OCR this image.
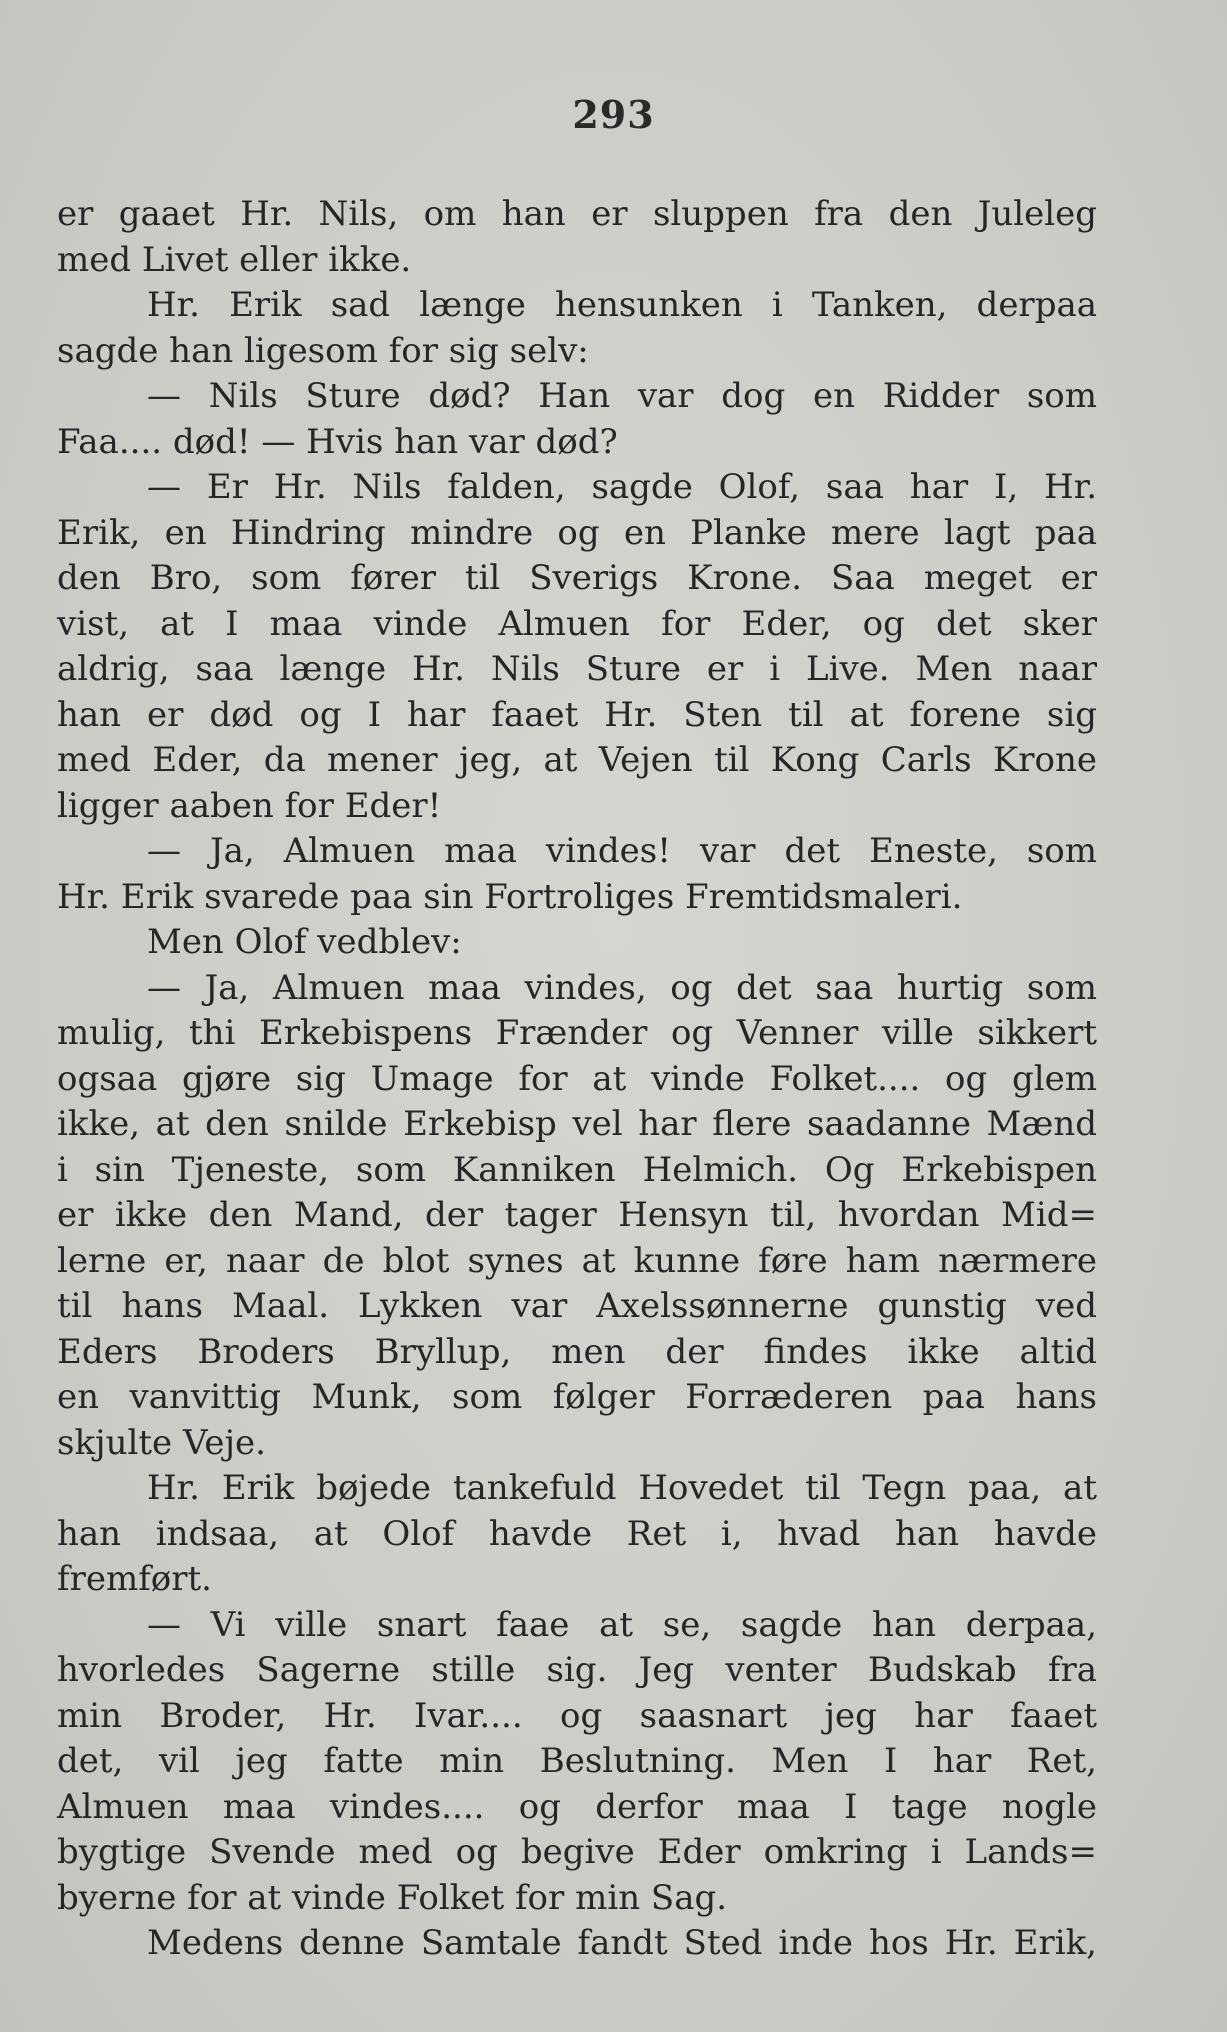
293
er gaaet Hr. Nils, om han er sluppen fra den Juleleg
med Livet eller ikke.
Hr. Erik sad længe hensunken i Tanken, derpaa
sagde han ligesom for sig selv:
— Nils Sture død? Han var dog en Ridder som
Faa.... død! — Hvis han var død?
— Er Hr. Nils falden, sagde Olof, saa har I, Hr.
Erik, en Hindring mindre og en Planke mere lagt paa
den Bro, som fører til Sverigs Krone. Saa meget er
vist, at I maa vinde Almuen for Eder, og det sker
aldrig, saa længe Hr. Nils Sture er i Live. Men naar
han er død og I har faaet Hr. Sten til at forene sig
med Eder, da mener jeg, at Vejen til Kong Carls Krone
ligger aaben for Eder!
— Ja, Almuen maa vindes! var det Eneste, som
Hr. Erik svarede paa sin Fortroliges Fremtidsmaleri.
Men Olof vedblev:
— Ja, Almuen maa vindes, og det saa hurtig som
mulig, thi Erkebispens Frænder og Venner ville sikkert
ogsaa gjøre sig Umage for at vinde Folket.... og glem
ikke, at den snilde Erkebisp vel har flere saadanne Mænd
i sin Tjeneste, som Kanniken Helmich. Og Erkebispen
er ikke den Mand, der tager Hensyn til, hvordan Mid=
lerne er, naar de blot synes at kunne føre ham nærmere
til hans Maal. Lykken var Axelssønnerne gunstig ved
Eders Broders Bryllup, men der findes ikke altid
en vanvittig Munk, som følger Forræderen paa hans
skjulte Veje.
Hr. Erik bøjede tankefuld Hovedet til Tegn paa, at
han indsaa, at Olof havde Ret i, hvad han havde
fremført.
— Vi ville snart faae at se, sagde han derpaa,
hvorledes Sagerne stille sig. Jeg venter Budskab fra
min Broder, Hr. Ivar.... og saasnart jeg har faaet
det, vil jeg fatte min Beslutning. Men I har Ret,
Almuen maa vindes.... og derfor maa I tage nogle
bygtige Svende med og begive Eder omkring i Lands=
byerne for at vinde Folket for min Sag.
Medens denne Samtale fandt Sted inde hos Hr. Erik,
